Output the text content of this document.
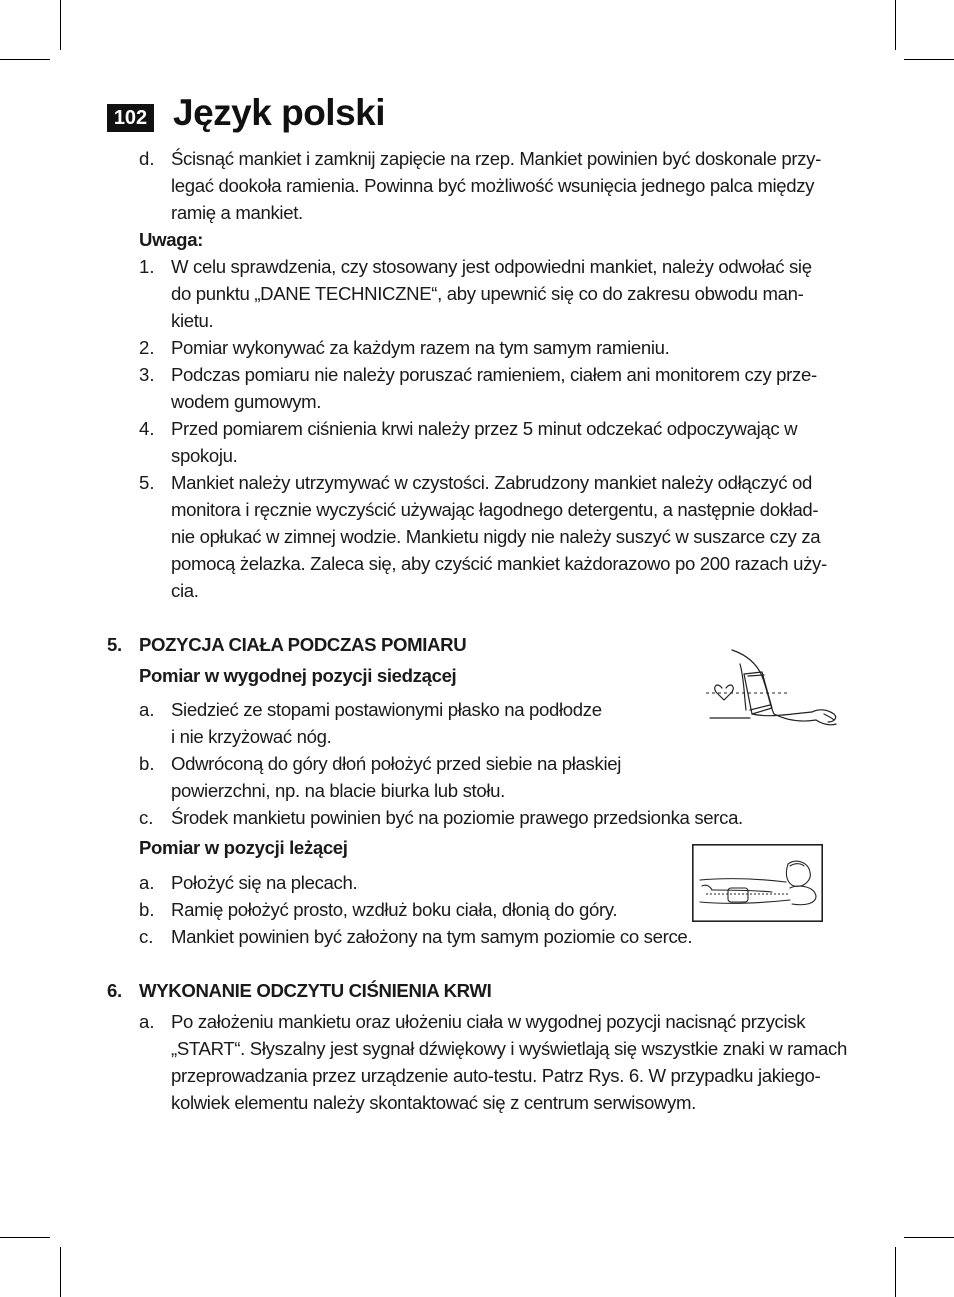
102 Język polski
d. Ścisnąć mankiet i zamknij zapięcie na rzep. Mankiet powinien być doskonale przy-
legać dookoła ramienia. Powinna być możliwość wsunięcia jednego palca między
ramię a mankiet.
Uwaga:
1. W celu sprawdzenia, czy stosowany jest odpowiedni mankiet, należy odwołać się
do punktu „DANE TECHNICZNE“, aby upewnić się co do zakresu obwodu man-
kietu.
2. Pomiar wykonywać za każdym razem na tym samym ramieniu.
3. Podczas pomiaru nie należy poruszać ramieniem, ciałem ani monitorem czy prze-
wodem gumowym.
4. Przed pomiarem ciśnienia krwi należy przez 5 minut odczekać odpoczywając w
spokoju.
5. Mankiet należy utrzymywać w czystości. Zabrudzony mankiet należy odłączyć od
monitora i ręcznie wyczyścić używając łagodnego detergentu, a następnie dokład-
nie opłukać w zimnej wodzie. Mankietu nigdy nie należy suszyć w suszarce czy za
pomocą żelazka. Zaleca się, aby czyścić mankiet każdorazowo po 200 razach uży-
cia.
5. POZYCJA CIAŁA PODCZAS POMIARU
Pomiar w wygodnej pozycji siedzącej
a. Siedzieć ze stopami postawionymi płasko na podłodze
i nie krzyżować nóg.
b. Odwróconą do góry dłoń położyć przed siebie na płaskiej
powierzchni, np. na blacie biurka lub stołu.
c. Środek mankietu powinien być na poziomie prawego przedsionka serca.
Pomiar w pozycji leżącej
a. Położyć się na plecach.
b. Ramię położyć prosto, wzdłuż boku ciała, dłonią do góry.
c. Mankiet powinien być założony na tym samym poziomie co serce.
6. WYKONANIE ODCZYTU CIŚNIENIA KRWI
a. Po założeniu mankietu oraz ułożeniu ciała w wygodnej pozycji nacisnąć przycisk
„START“. Słyszalny jest sygnał dźwiękowy i wyświetlają się wszystkie znaki w ramach
przeprowadzania przez urządzenie auto-testu. Patrz Rys. 6. W przypadku jakiego-
kolwiek elementu należy skontaktować się z centrum serwisowym.
